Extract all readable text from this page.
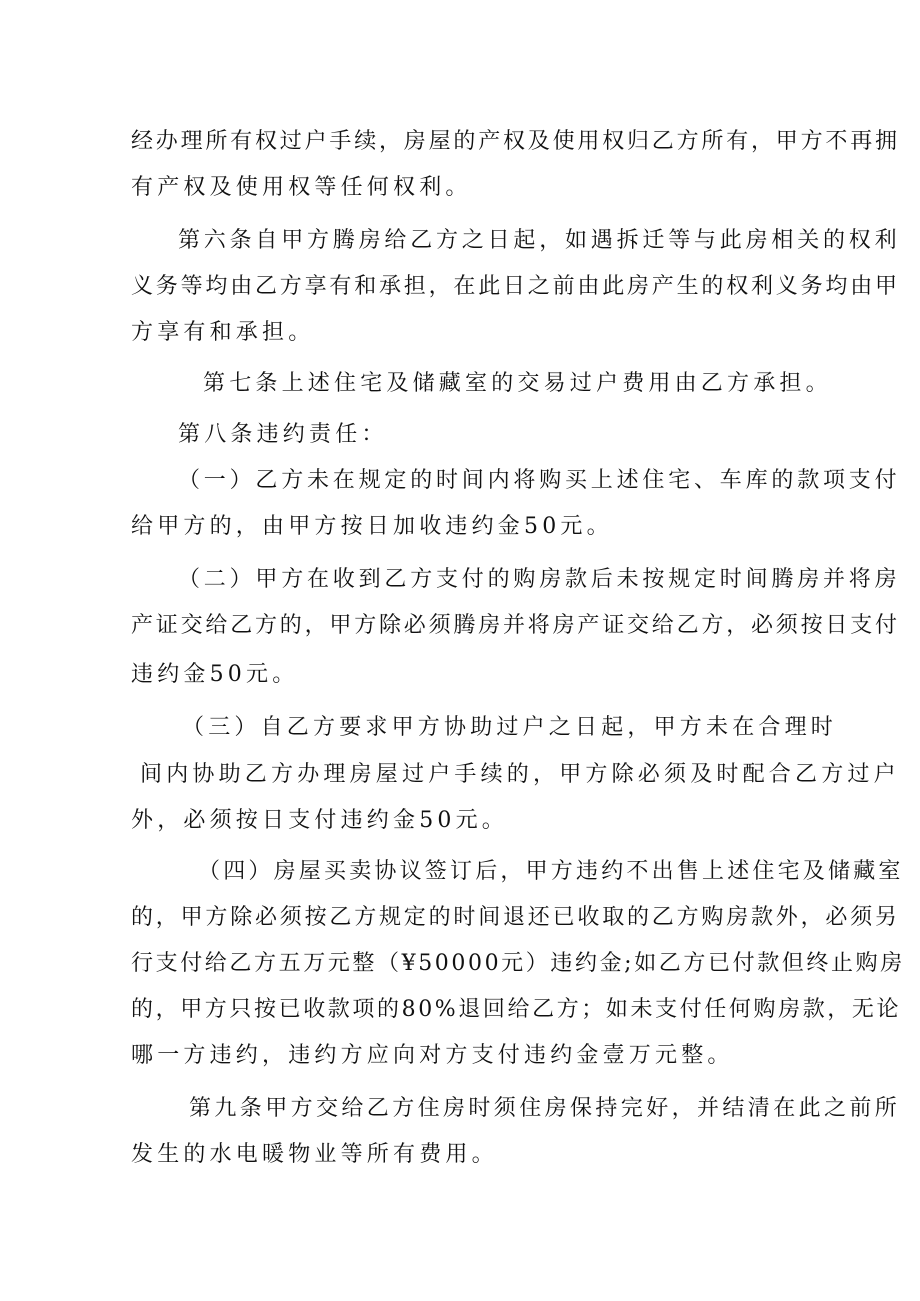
经办理所有权过户手续，房屋的产权及使用权归乙方所有，甲方不再拥
有产权及使用权等任何权利。
第六条自甲方腾房给乙方之日起，如遇拆迁等与此房相关的权利
义务等均由乙方享有和承担，在此日之前由此房产生的权利义务均由甲
方享有和承担。
第七条上述住宅及储藏室的交易过户费用由乙方承担。
第八条违约责任：
（一）乙方未在规定的时间内将购买上述住宅、车库的款项支付
给甲方的，由甲方按日加收违约金50元。
（二）甲方在收到乙方支付的购房款后未按规定时间腾房并将房
产证交给乙方的，甲方除必须腾房并将房产证交给乙方，必须按日支付
违约金50元。
（三）自乙方要求甲方协助过户之日起，甲方未在合理时
间内协助乙方办理房屋过户手续的，甲方除必须及时配合乙方过户
外，必须按日支付违约金50元。
（四）房屋买卖协议签订后，甲方违约不出售上述住宅及储藏室
的，甲方除必须按乙方规定的时间退还已收取的乙方购房款外，必须另
行支付给乙方五万元整（¥50000元）违约金;如乙方已付款但终止购房
的，甲方只按已收款项的80%退回给乙方；如未支付任何购房款，无论
哪一方违约，违约方应向对方支付违约金壹万元整。
第九条甲方交给乙方住房时须住房保持完好，并结清在此之前所
发生的水电暖物业等所有费用。
